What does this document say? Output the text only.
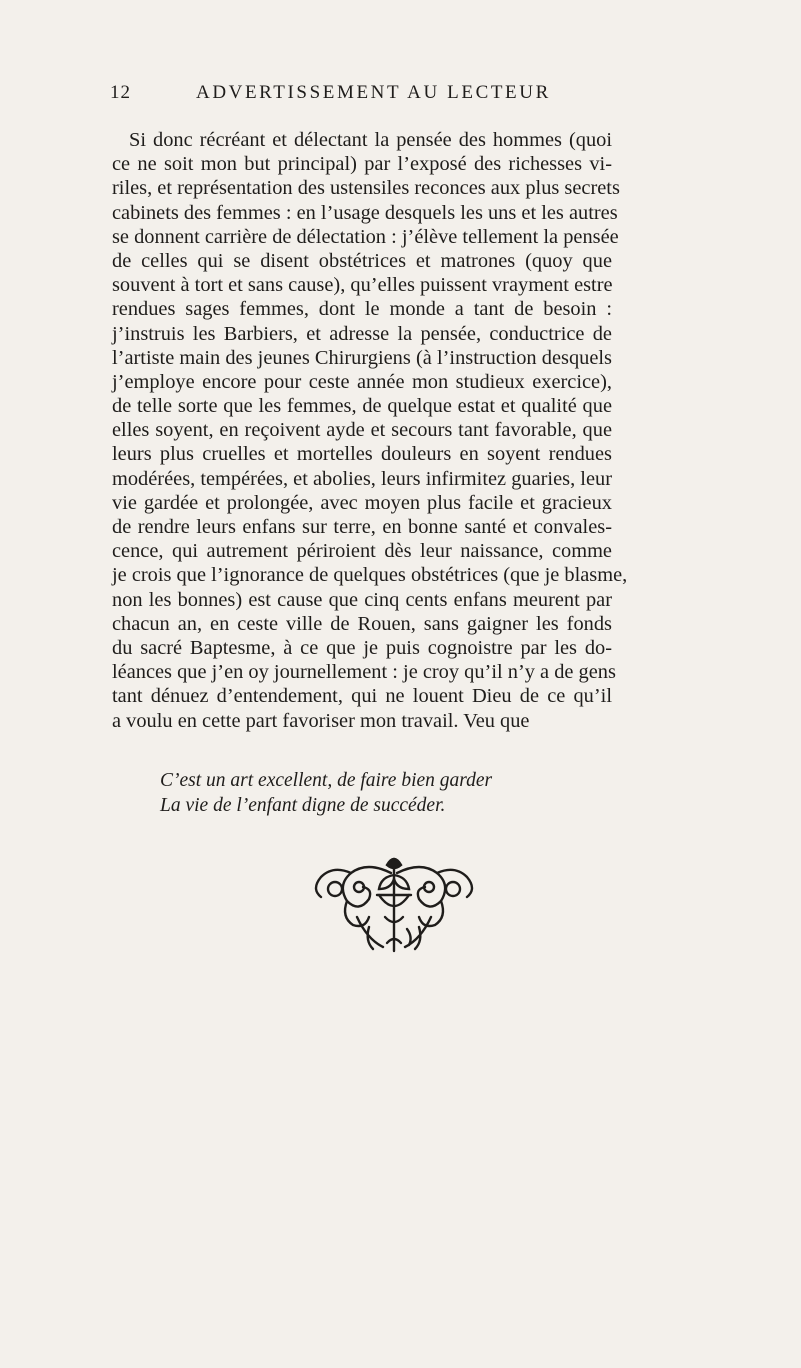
12	ADVERTISSEMENT AU LECTEUR
Si donc récréant et délectant la pensée des hommes (quoi
ce ne soit mon but principal) par l’exposé des richesses vi-
riles, et représentation des ustensiles reconces aux plus secrets
cabinets des femmes : en l’usage desquels les uns et les autres
se donnent carrière de délectation : j’élève tellement la pensée
de celles qui se disent obstétrices et matrones (quoy que
souvent à tort et sans cause), qu’elles puissent vrayment estre
rendues sages femmes, dont le monde a tant de besoin :
j’instruis les Barbiers, et adresse la pensée, conductrice de
l’artiste main des jeunes Chirurgiens (à l’instruction desquels
j’employe encore pour ceste année mon studieux exercice),
de telle sorte que les femmes, de quelque estat et qualité que
elles soyent, en reçoivent ayde et secours tant favorable, que
leurs plus cruelles et mortelles douleurs en soyent rendues
modérées, tempérées, et abolies, leurs infirmitez guaries, leur
vie gardée et prolongée, avec moyen plus facile et gracieux
de rendre leurs enfans sur terre, en bonne santé et convales-
cence, qui autrement périroient dès leur naissance, comme
je crois que l’ignorance de quelques obstétrices (que je blasme,
non les bonnes) est cause que cinq cents enfans meurent par
chacun an, en ceste ville de Rouen, sans gaigner les fonds
du sacré Baptesme, à ce que je puis cognoistre par les do-
léances que j’en oy journellement : je croy qu’il n’y a de gens
tant dénuez d’entendement, qui ne louent Dieu de ce qu’il
a voulu en cette part favoriser mon travail. Veu que
C’est un art excellent, de faire bien garder
La vie de l’enfant digne de succéder.
